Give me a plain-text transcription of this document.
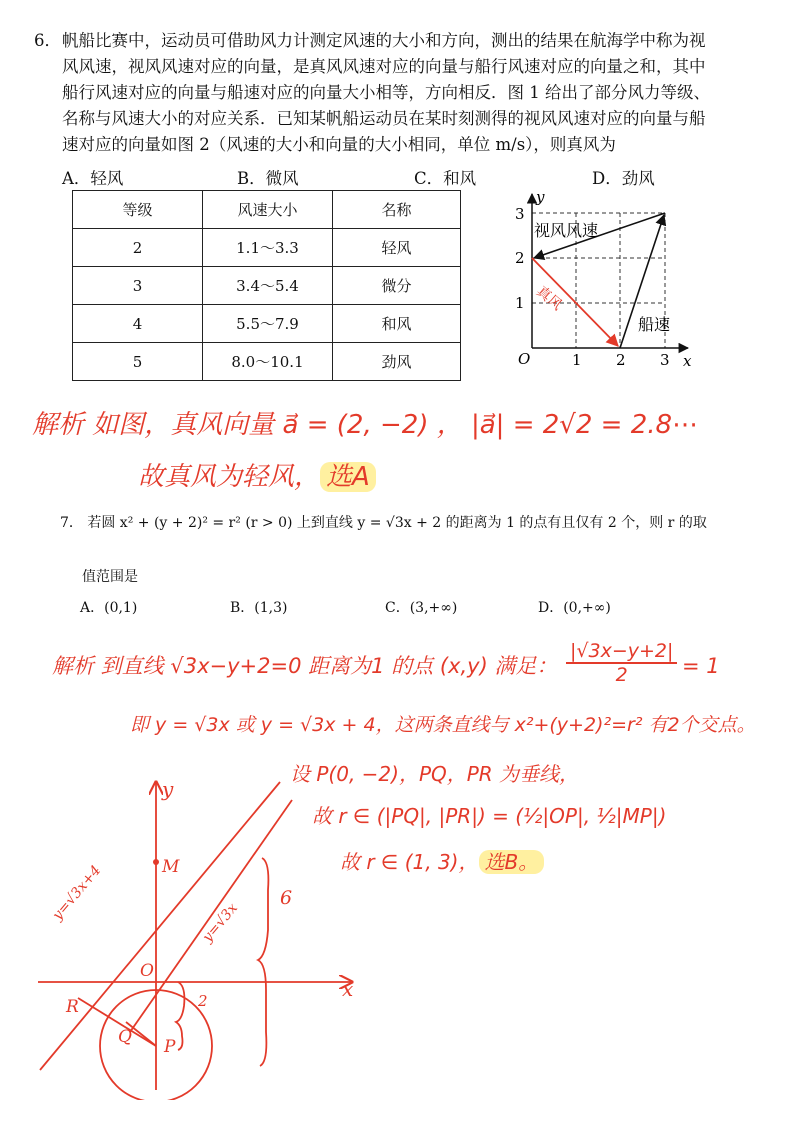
6． 帆船比赛中，运动员可借助风力计测定风速的大小和方向，测出的结果在航海学中称为视
风风速，视风风速对应的向量，是真风风速对应的向量与船行风速对应的向量之和，其中
船行风速对应的向量与船速对应的向量大小相等，方向相反．图 1 给出了部分风力等级、
名称与风速大小的对应关系．已知某帆船运动员在某时刻测得的视风风速对应的向量与船
速对应的向量如图 2（风速的大小和向量的大小相同，单位 m/s），则真风为
A．轻风	B．微风	C．和风	D．劲风
等级	风速大小	名称
2	1.1～3.3	轻风
3	3.4～5.4	微分
4	5.5～7.9	和风
5	8.0～10.1	劲风
y
x
O	1 2 3
1
2
3
视风风速
船速
真风
解析 如图，真风向量 a⃗ = (2, −2) ， |a⃗| = 2√2 = 2.8⋯
故真风为轻风， 选A
7． 若圆 x² + (y + 2)² = r² (r > 0) 上到直线 y = √3x + 2 的距离为 1 的点有且仅有 2 个，则 r 的取
值范围是
A．(0,1)	B．(1,3)	C．(3,+∞)	D．(0,+∞)
解析 到直线 √3x−y+2=0 距离为1 的点 (x,y) 满足： $\frac{|√3x-y+2|}{2} = 1$
即 y = √3x 或 y = √3x + 4，这两条直线与 x²+(y+2)²=r² 有2个交点。
设 P(0, −2)，PQ，PR 为垂线，
故 r ∈ (|PQ|, |PR|) = (½|OP|, ½|MP|)
故 r ∈ (1, 3)， 选B。
y
x
M
O
R
Q P
y=√3x+4	y=√3x
6
2
